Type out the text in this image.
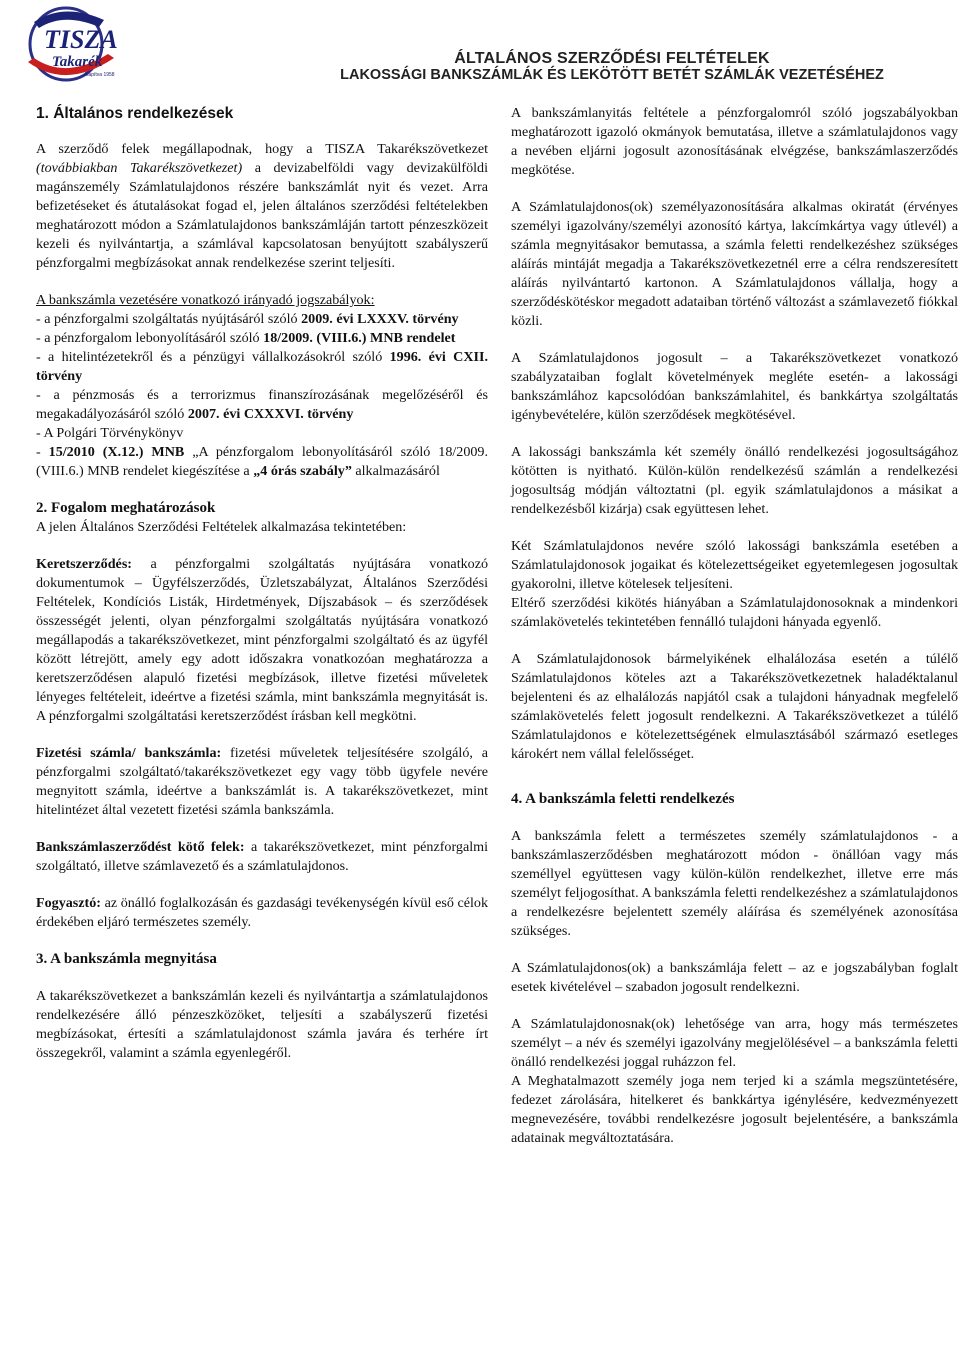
TISZA
Takarék
Alapítva 1958
ÁLTALÁNOS SZERZŐDÉSI FELTÉTELEK
LAKOSSÁGI BANKSZÁMLÁK ÉS LEKÖTÖTT BETÉT SZÁMLÁK VEZETÉSÉHEZ
1. Általános rendelkezések

A szerződő felek megállapodnak, hogy a TISZA Takarékszövetkezet (továbbiakban Takarékszövetkezet) a devizabelföldi vagy devizakülföldi magánszemély Számlatulajdonos részére bankszámlát nyit és vezet. Arra befizetéseket és átutalásokat fogad el, jelen általános szerződési feltételekben meghatározott módon a Számlatulajdonos bankszámláján tartott pénzeszközeit kezeli és nyilvántartja, a számlával kapcsolatosan benyújtott szabályszerű pénzforgalmi megbízásokat annak rendelkezése szerint teljesíti.

A bankszámla vezetésére vonatkozó irányadó jogszabályok:

- a pénzforgalmi szolgáltatás nyújtásáról szóló 2009. évi LXXXV. törvény

- a pénzforgalom lebonyolításáról szóló 18/2009. (VIII.6.) MNB rendelet

- a hitelintézetekről és a pénzügyi vállalkozásokról szóló 1996. évi CXII. törvény

- a pénzmosás és a terrorizmus finanszírozásának megelőzéséről és megakadályozásáról szóló 2007. évi CXXXVI. törvény

- A Polgári Törvénykönyv

- 15/2010 (X.12.) MNB „A pénzforgalom lebonyolításáról szóló 18/2009. (VIII.6.) MNB rendelet kiegészítése a „4 órás szabály” alkalmazásáról

2. Fogalom meghatározások

A jelen Általános Szerződési Feltételek alkalmazása tekintetében:

Keretszerződés: a pénzforgalmi szolgáltatás nyújtására vonatkozó dokumentumok – Ügyfélszerződés, Üzletszabályzat, Általános Szerződési Feltételek, Kondíciós Listák, Hirdetmények, Díjszabások – és szerződések összességét jelenti, olyan pénzforgalmi szolgáltatás nyújtására vonatkozó megállapodás a takarékszövetkezet, mint pénzforgalmi szolgáltató és az ügyfél között létrejött, amely egy adott időszakra vonatkozóan meghatározza a keretszerződésen alapuló fizetési megbízások, illetve fizetési műveletek lényeges feltételeit, ideértve a fizetési számla, mint bankszámla megnyitását is. A pénzforgalmi szolgáltatási keretszerződést írásban kell megkötni.

Fizetési számla/ bankszámla: fizetési műveletek teljesítésére szolgáló, a pénzforgalmi szolgáltató/takarékszövetkezet egy vagy több ügyfele nevére megnyitott számla, ideértve a bankszámlát is. A takarékszövetkezet, mint hitelintézet által vezetett fizetési számla bankszámla.

Bankszámlaszerződést kötő felek: a takarékszövetkezet, mint pénzforgalmi szolgáltató, illetve számlavezető és a számlatulajdonos.

Fogyasztó: az önálló foglalkozásán és gazdasági tevékenységén kívül eső célok érdekében eljáró természetes személy.

3. A bankszámla megnyitása

A takarékszövetkezet a bankszámlán kezeli és nyilvántartja a számlatulajdonos rendelkezésére álló pénzeszközöket, teljesíti a szabályszerű fizetési megbízásokat, értesíti a számlatulajdonost számla javára és terhére írt összegekről, valamint a számla egyenlegéről.

A bankszámlanyitás feltétele a pénzforgalomról szóló jogszabályokban meghatározott igazoló okmányok bemutatása, illetve a számlatulajdonos vagy a nevében eljárni jogosult azonosításának elvégzése, bankszámlaszerződés megkötése.

A Számlatulajdonos(ok) személyazonosítására alkalmas okiratát (érvényes személyi igazolvány/személyi azonosító kártya, lakcímkártya vagy útlevél) a számla megnyitásakor bemutassa, a számla feletti rendelkezéshez szükséges aláírás mintáját megadja a Takarékszövetkezetnél erre a célra rendszeresített aláírás nyilvántartó kartonon. A Számlatulajdonos vállalja, hogy a szerződéskötéskor megadott adataiban történő változást a számlavezető fiókkal közli.

A Számlatulajdonos jogosult – a Takarékszövetkezet vonatkozó szabályzataiban foglalt követelmények megléte esetén- a lakossági bankszámlához kapcsolódóan bankszámlahitel, és bankkártya szolgáltatás igénybevételére, külön szerződések megkötésével.

A lakossági bankszámla két személy önálló rendelkezési jogosultságához kötötten is nyitható. Külön-külön rendelkezésű számlán a rendelkezési jogosultság módján változtatni (pl. egyik számlatulajdonos a másikat a rendelkezésből kizárja) csak együttesen lehet.

Két Számlatulajdonos nevére szóló lakossági bankszámla esetében a Számlatulajdonosok jogaikat és kötelezettségeiket egyetemlegesen jogosultak gyakorolni, illetve kötelesek teljesíteni.

Eltérő szerződési kikötés hiányában a Számlatulajdonosoknak a mindenkori számlakövetelés tekintetében fennálló tulajdoni hányada egyenlő.

A Számlatulajdonosok bármelyikének elhalálozása esetén a túlélő Számlatulajdonos köteles azt a Takarékszövetkezetnek haladéktalanul bejelenteni és az elhalálozás napjától csak a tulajdoni hányadnak megfelelő számlakövetelés felett jogosult rendelkezni. A Takarékszövetkezet a túlélő Számlatulajdonos e kötelezettségének elmulasztásából származó esetleges károkért nem vállal felelősséget.

4. A bankszámla feletti rendelkezés

A bankszámla felett a természetes személy számlatulajdonos - a bankszámlaszerződésben meghatározott módon - önállóan vagy más személlyel együttesen vagy külön-külön rendelkezhet, illetve erre más személyt feljogosíthat. A bankszámla feletti rendelkezéshez a számlatulajdonos a rendelkezésre bejelentett személy aláírása és személyének azonosítása szükséges.

A Számlatulajdonos(ok) a bankszámlája felett – az e jogszabályban foglalt esetek kivételével – szabadon jogosult rendelkezni.

A Számlatulajdonosnak(ok) lehetősége van arra, hogy más természetes személyt – a név és személyi igazolvány megjelölésével – a bankszámla feletti önálló rendelkezési joggal ruházzon fel.

A Meghatalmazott személy joga nem terjed ki a számla megszüntetésére, fedezet zárolására, hitelkeret és bankkártya igénylésére, kedvezményezett megnevezésére, további rendelkezésre jogosult bejelentésére, a bankszámla adatainak megváltoztatására.
